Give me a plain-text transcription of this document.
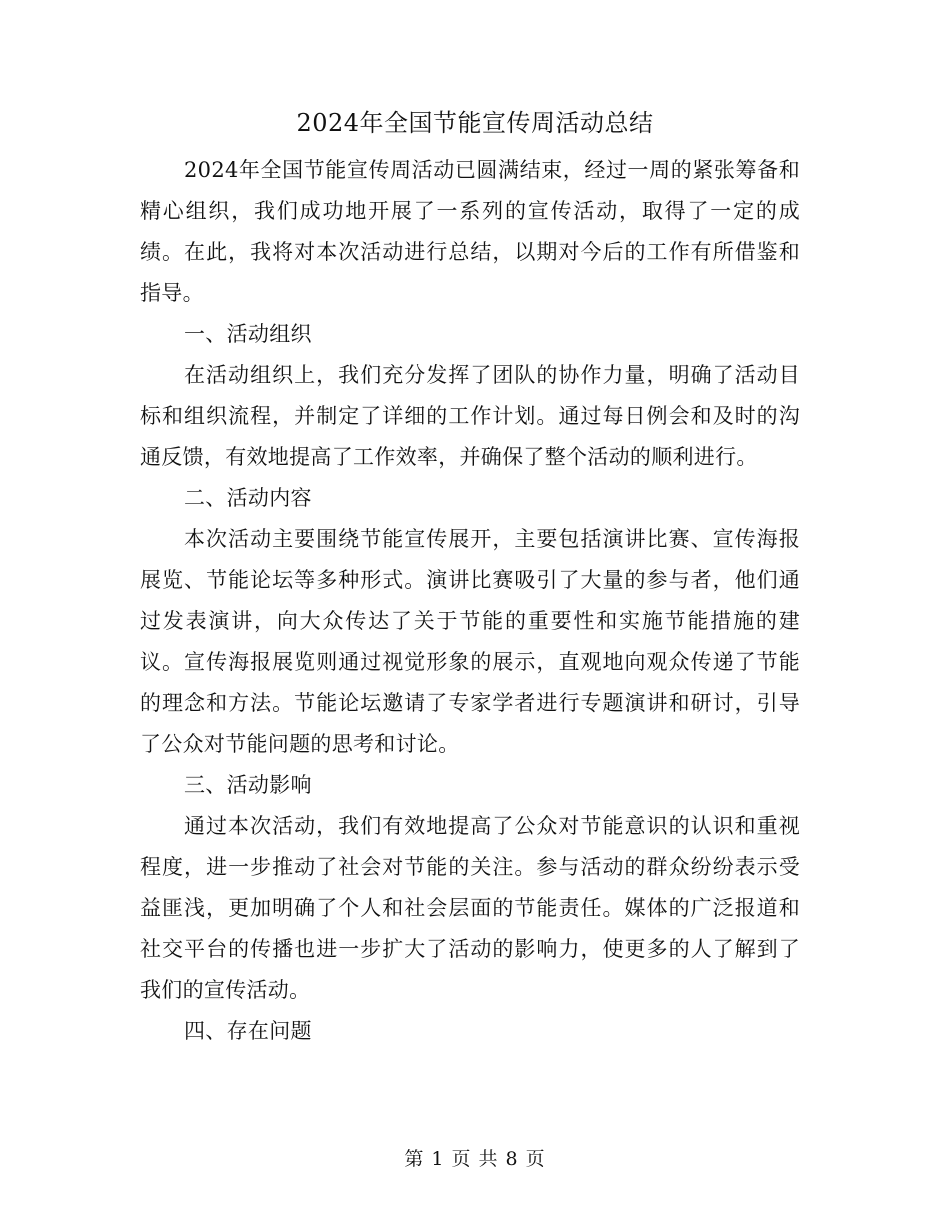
2024年全国节能宣传周活动总结

2024年全国节能宣传周活动已圆满结束，经过一周的紧张筹备和精心组织，我们成功地开展了一系列的宣传活动，取得了一定的成绩。在此，我将对本次活动进行总结，以期对今后的工作有所借鉴和指导。

一、活动组织

在活动组织上，我们充分发挥了团队的协作力量，明确了活动目标和组织流程，并制定了详细的工作计划。通过每日例会和及时的沟通反馈，有效地提高了工作效率，并确保了整个活动的顺利进行。

二、活动内容

本次活动主要围绕节能宣传展开，主要包括演讲比赛、宣传海报展览、节能论坛等多种形式。演讲比赛吸引了大量的参与者，他们通过发表演讲，向大众传达了关于节能的重要性和实施节能措施的建议。宣传海报展览则通过视觉形象的展示，直观地向观众传递了节能的理念和方法。节能论坛邀请了专家学者进行专题演讲和研讨，引导了公众对节能问题的思考和讨论。

三、活动影响

通过本次活动，我们有效地提高了公众对节能意识的认识和重视程度，进一步推动了社会对节能的关注。参与活动的群众纷纷表示受益匪浅，更加明确了个人和社会层面的节能责任。媒体的广泛报道和社交平台的传播也进一步扩大了活动的影响力，使更多的人了解到了我们的宣传活动。

四、存在问题
第 1 页 共 8 页
